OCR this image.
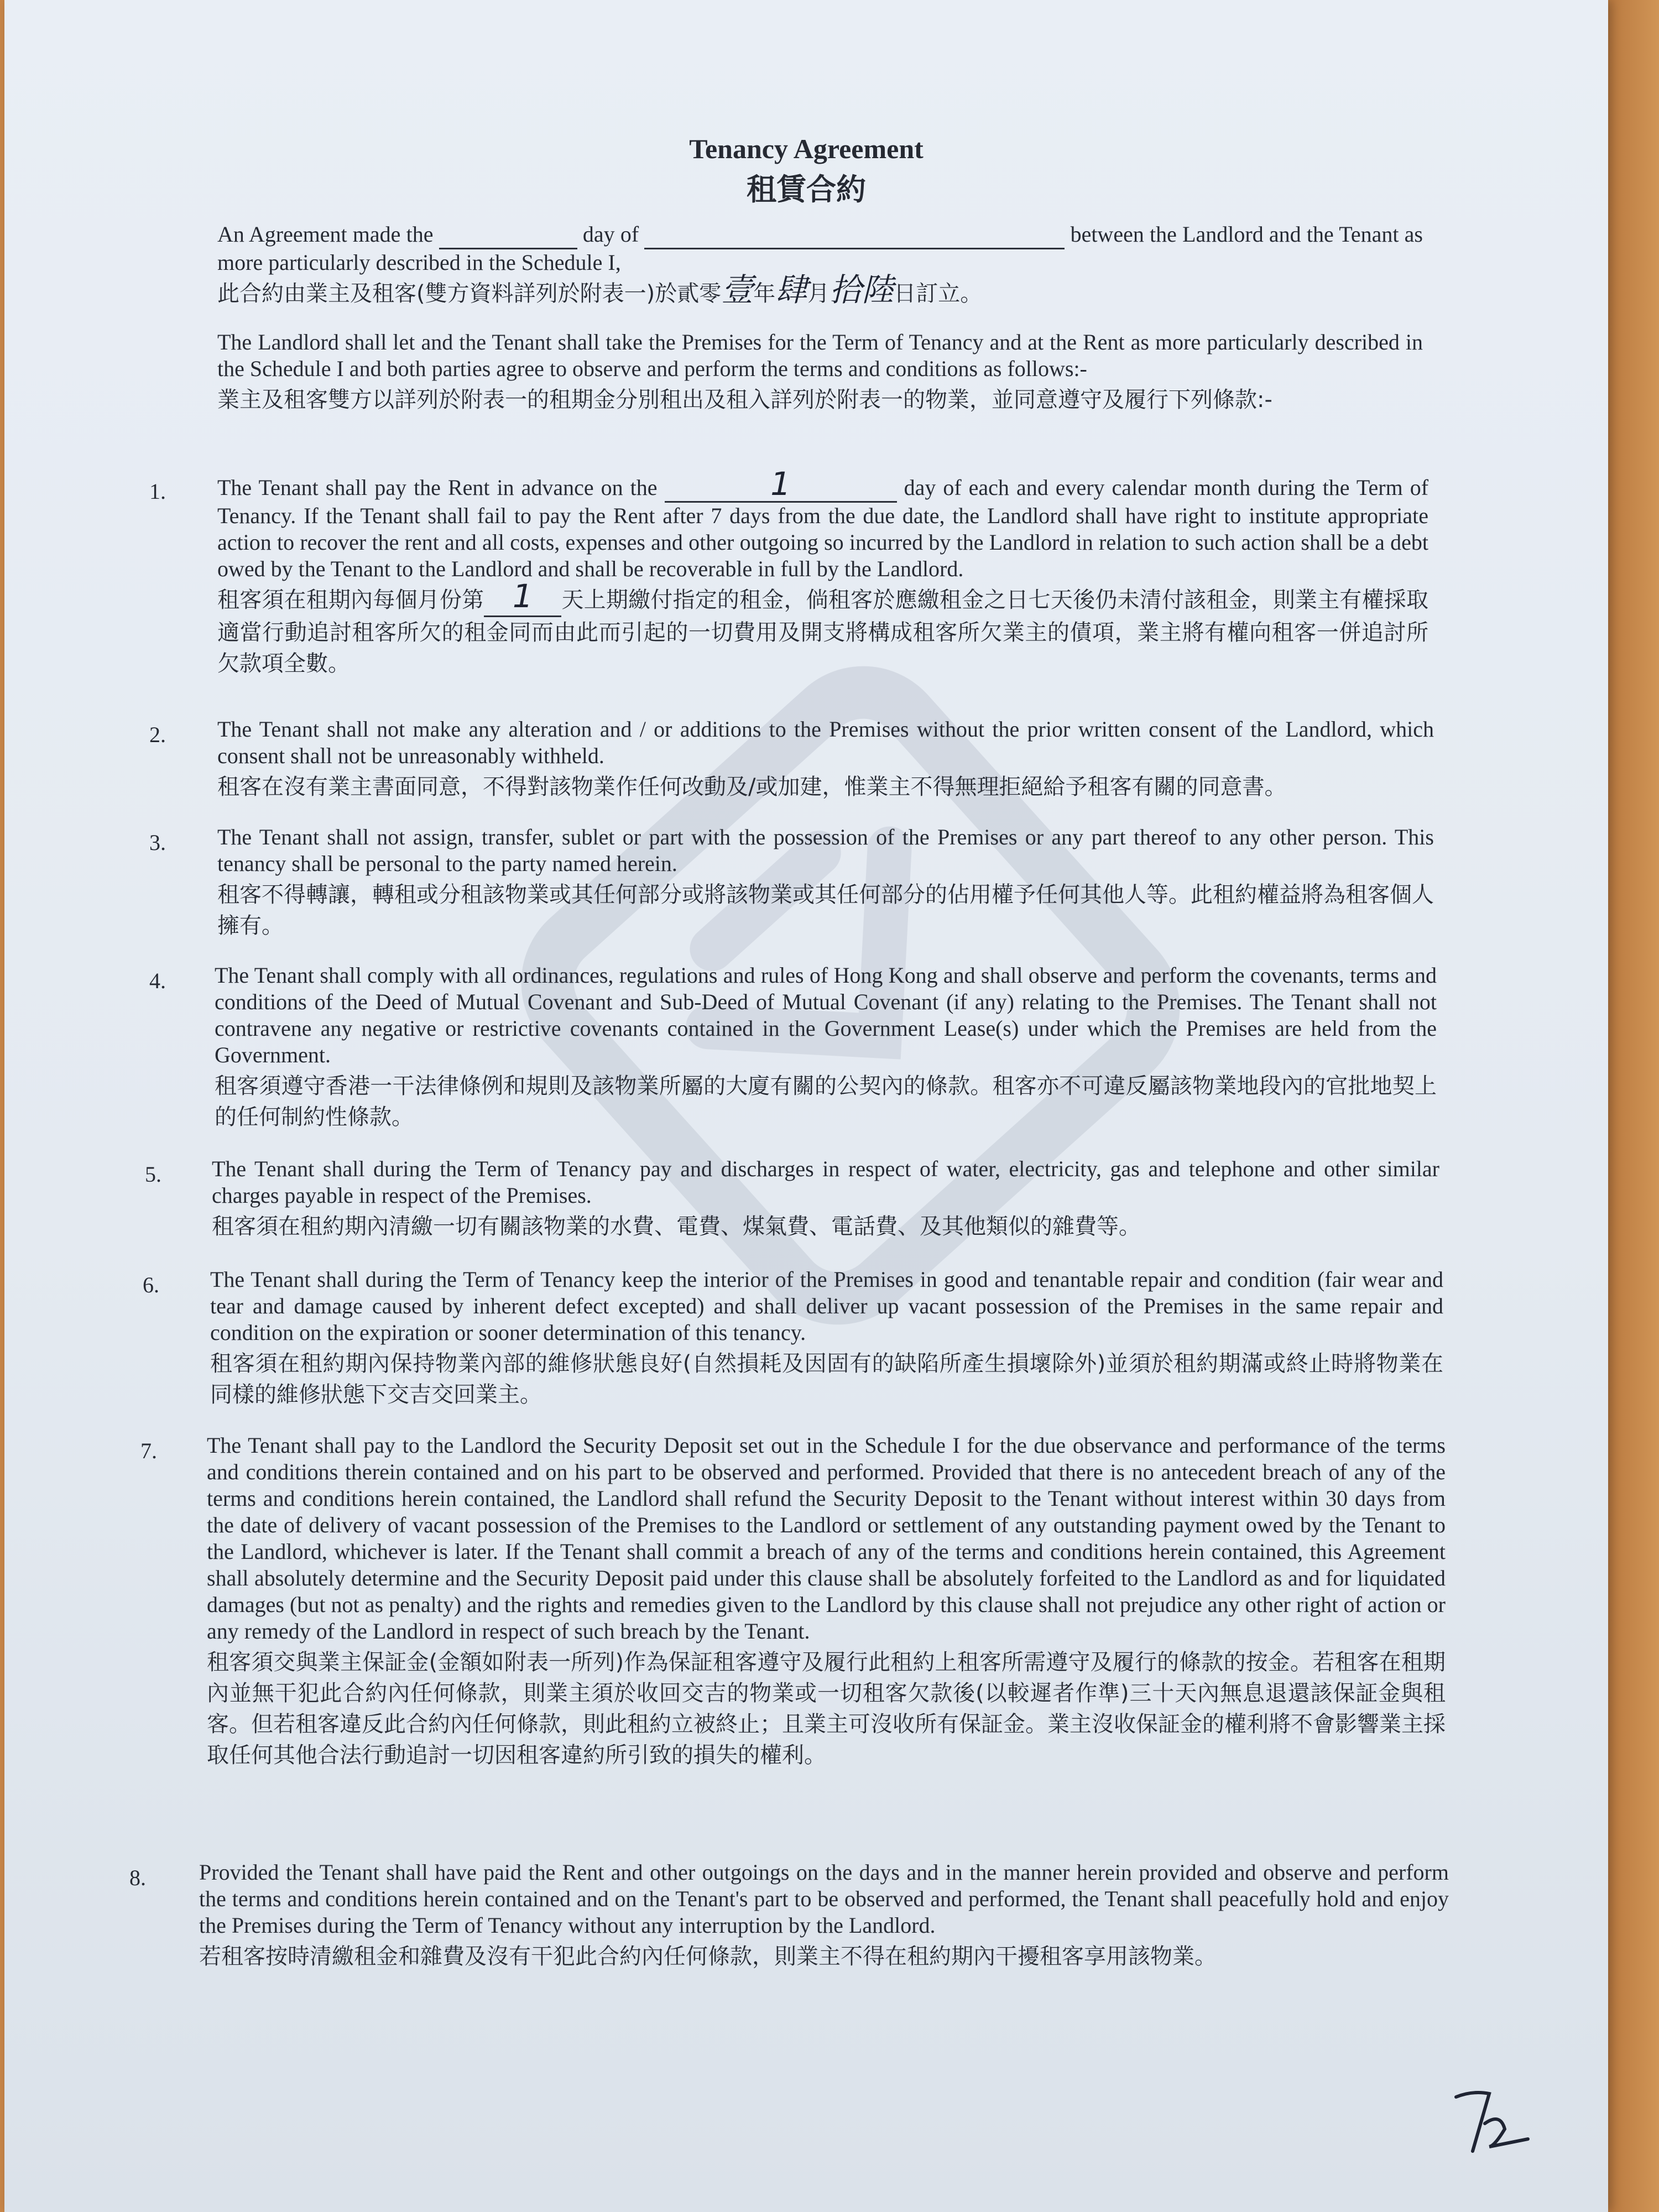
Tenancy Agreement
租賃合約
An Agreement made the	day of	between the Landlord and the Tenant as more particularly described in the Schedule I,
此合約由業主及租客(雙方資料詳列於附表一)於貳零壹年肆月拾陸日訂立。
The Landlord shall let and the Tenant shall take the Premises for the Term of Tenancy and at the Rent as more particularly described in the Schedule I and both parties agree to observe and perform the terms and conditions as follows:-
業主及租客雙方以詳列於附表一的租期金分別租出及租入詳列於附表一的物業，並同意遵守及履行下列條款:-
1. The Tenant shall pay the Rent in advance on the	1	day of each and every calendar month during the Term of Tenancy. If the Tenant shall fail to pay the Rent after 7 days from the due date, the Landlord shall have right to institute appropriate action to recover the rent and all costs, expenses and other outgoing so incurred by the Landlord in relation to such action shall be a debt owed by the Tenant to the Landlord and shall be recoverable in full by the Landlord.
租客須在租期內每個月份第 1 天上期繳付指定的租金，倘租客於應繳租金之日七天後仍未清付該租金，則業主有權採取適當行動追討租客所欠的租金同而由此而引起的一切費用及開支將構成租客所欠業主的債項，業主將有權向租客一併追討所欠款項全數。
2. The Tenant shall not make any alteration and / or additions to the Premises without the prior written consent of the Landlord, which consent shall not be unreasonably withheld.
租客在沒有業主書面同意，不得對該物業作任何改動及/或加建，惟業主不得無理拒絕給予租客有關的同意書。
3. The Tenant shall not assign, transfer, sublet or part with the possession of the Premises or any part thereof to any other person. This tenancy shall be personal to the party named herein.
租客不得轉讓，轉租或分租該物業或其任何部分或將該物業或其任何部分的佔用權予任何其他人等。此租約權益將為租客個人擁有。
4. The Tenant shall comply with all ordinances, regulations and rules of Hong Kong and shall observe and perform the covenants, terms and conditions of the Deed of Mutual Covenant and Sub-Deed of Mutual Covenant (if any) relating to the Premises. The Tenant shall not contravene any negative or restrictive covenants contained in the Government Lease(s) under which the Premises are held from the Government.
租客須遵守香港一干法律條例和規則及該物業所屬的大廈有關的公契內的條款。租客亦不可違反屬該物業地段內的官批地契上的任何制約性條款。
5. The Tenant shall during the Term of Tenancy pay and discharges in respect of water, electricity, gas and telephone and other similar charges payable in respect of the Premises.
租客須在租約期內清繳一切有關該物業的水費、電費、煤氣費、電話費、及其他類似的雜費等。
6. The Tenant shall during the Term of Tenancy keep the interior of the Premises in good and tenantable repair and condition (fair wear and tear and damage caused by inherent defect excepted) and shall deliver up vacant possession of the Premises in the same repair and condition on the expiration or sooner determination of this tenancy.
租客須在租約期內保持物業內部的維修狀態良好(自然損耗及因固有的缺陷所產生損壞除外)並須於租約期滿或終止時將物業在同樣的維修狀態下交吉交回業主。
7. The Tenant shall pay to the Landlord the Security Deposit set out in the Schedule I for the due observance and performance of the terms and conditions therein contained and on his part to be observed and performed. Provided that there is no antecedent breach of any of the terms and conditions herein contained, the Landlord shall refund the Security Deposit to the Tenant without interest within 30 days from the date of delivery of vacant possession of the Premises to the Landlord or settlement of any outstanding payment owed by the Tenant to the Landlord, whichever is later. If the Tenant shall commit a breach of any of the terms and conditions herein contained, this Agreement shall absolutely determine and the Security Deposit paid under this clause shall be absolutely forfeited to the Landlord as and for liquidated damages (but not as penalty) and the rights and remedies given to the Landlord by this clause shall not prejudice any other right of action or any remedy of the Landlord in respect of such breach by the Tenant.
租客須交與業主保証金(金額如附表一所列)作為保証租客遵守及履行此租約上租客所需遵守及履行的條款的按金。若租客在租期內並無干犯此合約內任何條款，則業主須於收回交吉的物業或一切租客欠款後(以較遲者作準)三十天內無息退還該保証金與租客。但若租客違反此合約內任何條款，則此租約立被終止；且業主可沒收所有保証金。業主沒收保証金的權利將不會影響業主採取任何其他合法行動追討一切因租客違約所引致的損失的權利。
8. Provided the Tenant shall have paid the Rent and other outgoings on the days and in the manner herein provided and observe and perform the terms and conditions herein contained and on the Tenant's part to be observed and performed, the Tenant shall peacefully hold and enjoy the Premises during the Term of Tenancy without any interruption by the Landlord.
若租客按時清繳租金和雜費及沒有干犯此合約內任何條款，則業主不得在租約期內干擾租客享用該物業。
